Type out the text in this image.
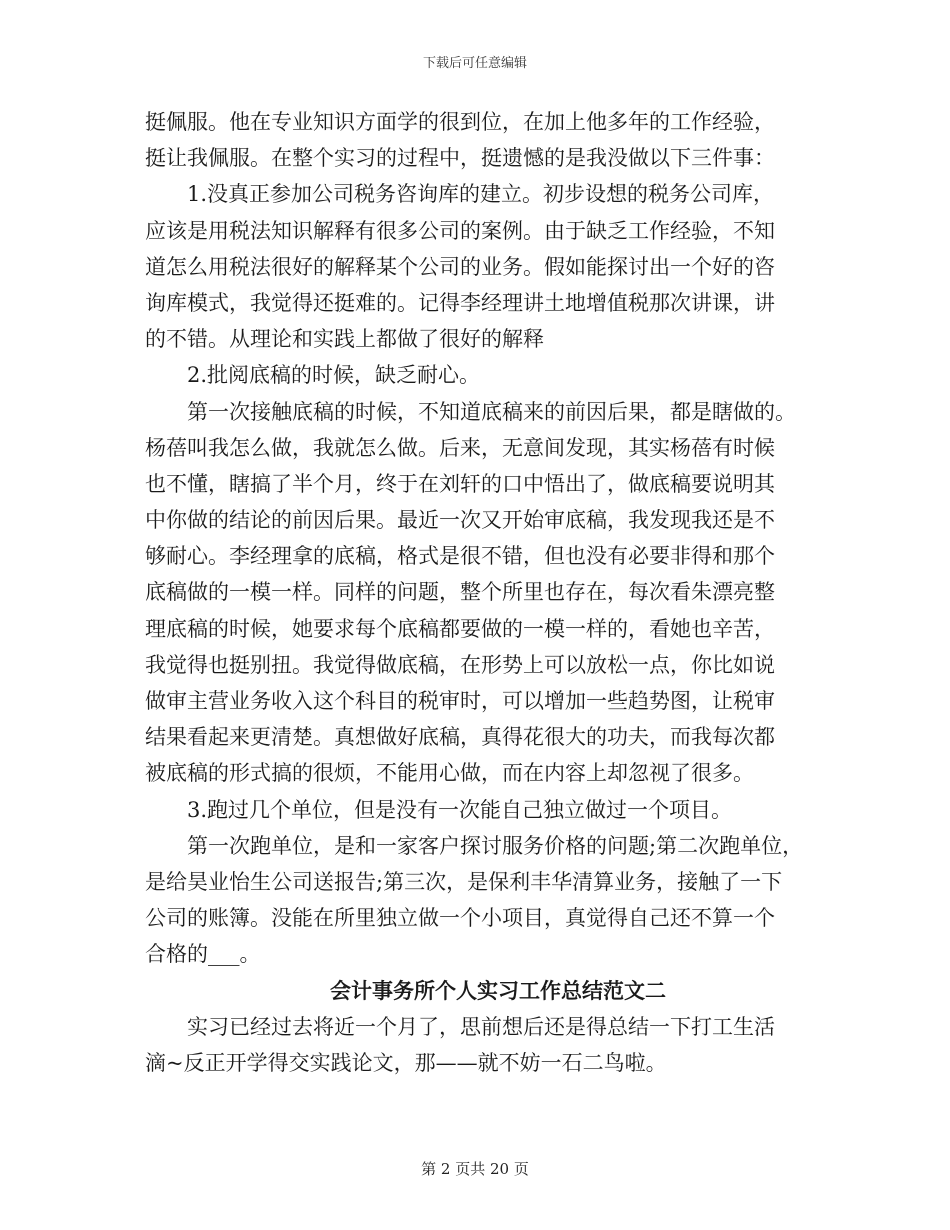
下载后可任意编辑
挺佩服。他在专业知识方面学的很到位，在加上他多年的工作经验，
挺让我佩服。在整个实习的过程中，挺遗憾的是我没做以下三件事：
1.没真正参加公司税务咨询库的建立。初步设想的税务公司库，
应该是用税法知识解释有很多公司的案例。由于缺乏工作经验，不知
道怎么用税法很好的解释某个公司的业务。假如能探讨出一个好的咨
询库模式，我觉得还挺难的。记得李经理讲土地增值税那次讲课，讲
的不错。从理论和实践上都做了很好的解释
2.批阅底稿的时候，缺乏耐心。
第一次接触底稿的时候，不知道底稿来的前因后果，都是瞎做的。
杨蓓叫我怎么做，我就怎么做。后来，无意间发现，其实杨蓓有时候
也不懂，瞎搞了半个月，终于在刘轩的口中悟出了，做底稿要说明其
中你做的结论的前因后果。最近一次又开始审底稿，我发现我还是不
够耐心。李经理拿的底稿，格式是很不错，但也没有必要非得和那个
底稿做的一模一样。同样的问题，整个所里也存在，每次看朱漂亮整
理底稿的时候，她要求每个底稿都要做的一模一样的，看她也辛苦，
我觉得也挺别扭。我觉得做底稿，在形势上可以放松一点，你比如说
做审主营业务收入这个科目的税审时，可以增加一些趋势图，让税审
结果看起来更清楚。真想做好底稿，真得花很大的功夫，而我每次都
被底稿的形式搞的很烦，不能用心做，而在内容上却忽视了很多。
3.跑过几个单位，但是没有一次能自己独立做过一个项目。
第一次跑单位，是和一家客户探讨服务价格的问题;第二次跑单位，
是给昊业怡生公司送报告;第三次，是保利丰华清算业务，接触了一下
公司的账簿。没能在所里独立做一个小项目，真觉得自己还不算一个
合格的___。
会计事务所个人实习工作总结范文二
实习已经过去将近一个月了，思前想后还是得总结一下打工生活
滴~反正开学得交实践论文，那——就不妨一石二鸟啦。
第 2 页共 20 页
